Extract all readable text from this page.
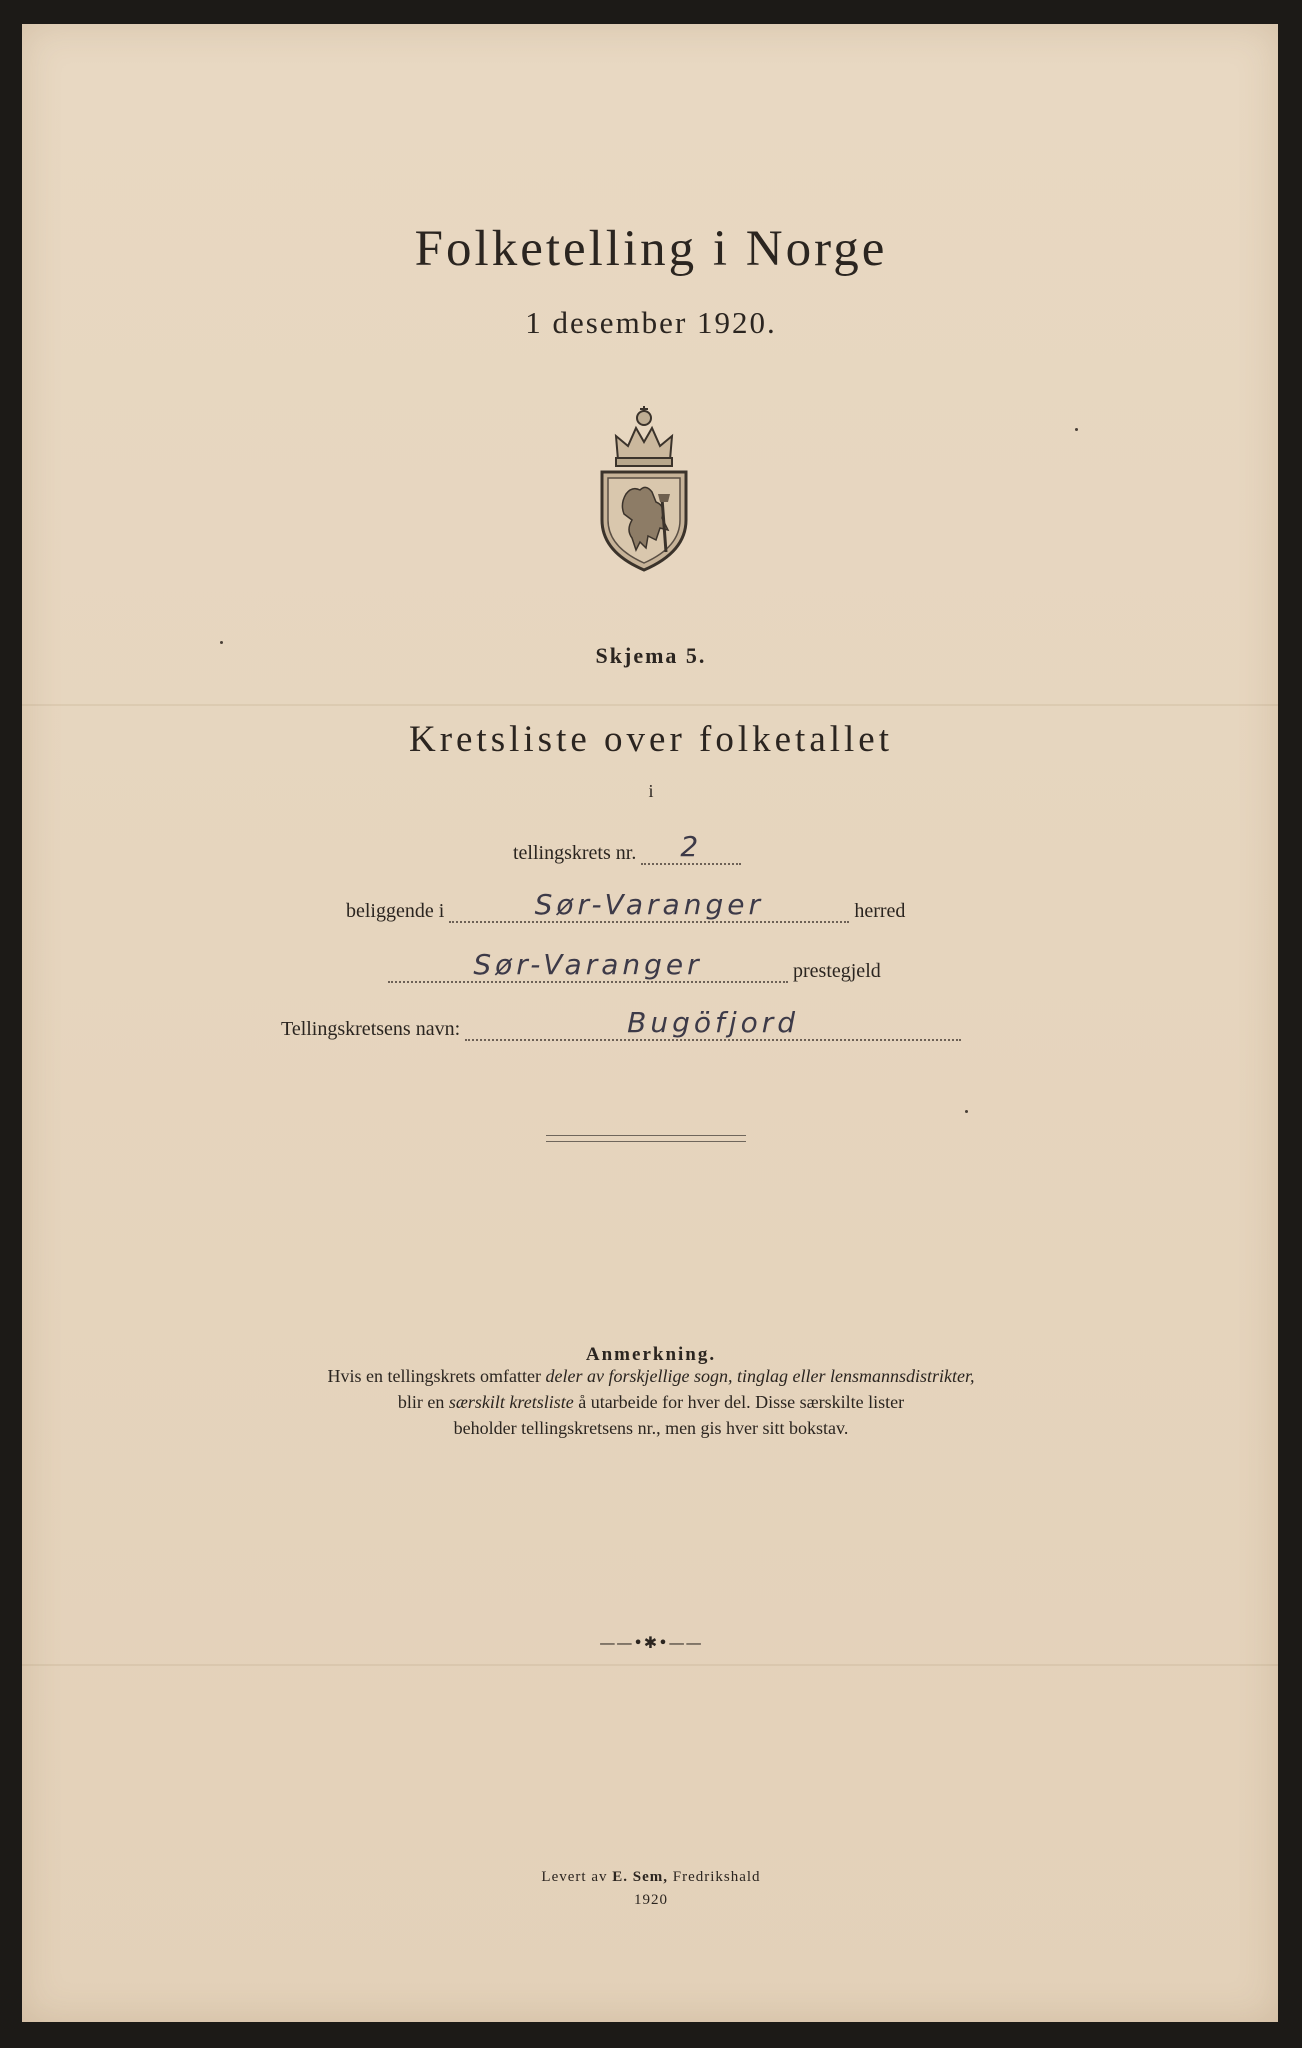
Folketelling i Norge
1 desember 1920.
Skjema 5.
Kretsliste over folketallet
i
tellingskrets nr. 2
beliggende i	Sør-Varanger	herred
Sør-Varanger	prestegjeld
Tellingskretsens navn:	Bugöfjord
Anmerkning.
Hvis en tellingskrets omfatter deler av forskjellige sogn, tinglag eller lensmannsdistrikter,
blir en særskilt kretsliste å utarbeide for hver del. Disse særskilte lister
beholder tellingskretsens nr., men gis hver sitt bokstav.
——•✱•——
Levert av E. Sem, Fredrikshald
1920
